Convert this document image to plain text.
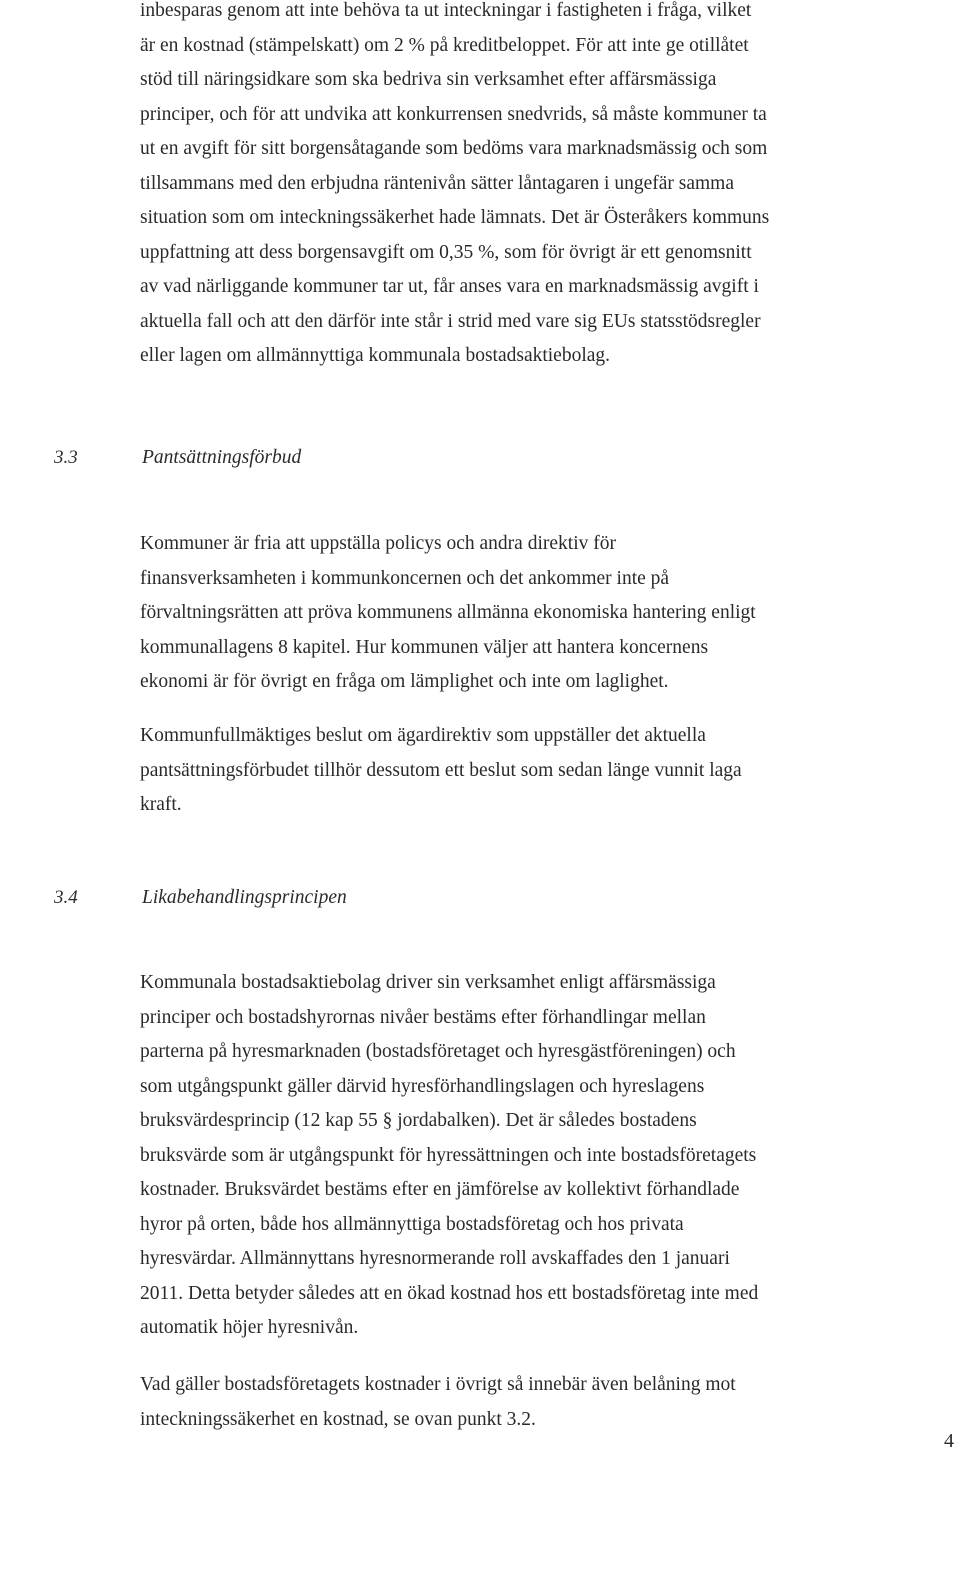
inbesparas genom att inte behöva ta ut inteckningar i fastigheten i fråga, vilket
är en kostnad (stämpelskatt) om 2 % på kreditbeloppet. För att inte ge otillåtet
stöd till näringsidkare som ska bedriva sin verksamhet efter affärsmässiga
principer, och för att undvika att konkurrensen snedvrids, så måste kommuner ta
ut en avgift för sitt borgensåtagande som bedöms vara marknadsmässig och som
tillsammans med den erbjudna räntenivån sätter låntagaren i ungefär samma
situation som om inteckningssäkerhet hade lämnats. Det är Österåkers kommuns
uppfattning att dess borgensavgift om 0,35 %, som för övrigt är ett genomsnitt
av vad närliggande kommuner tar ut, får anses vara en marknadsmässig avgift i
aktuella fall och att den därför inte står i strid med vare sig EUs statsstödsregler
eller lagen om allmännyttiga kommunala bostadsaktiebolag.
3.3	Pantsättningsförbud
Kommuner är fria att uppställa policys och andra direktiv för
finansverksamheten i kommunkoncernen och det ankommer inte på
förvaltningsrätten att pröva kommunens allmänna ekonomiska hantering enligt
kommunallagens 8 kapitel. Hur kommunen väljer att hantera koncernens
ekonomi är för övrigt en fråga om lämplighet och inte om laglighet.
Kommunfullmäktiges beslut om ägardirektiv som uppställer det aktuella
pantsättningsförbudet tillhör dessutom ett beslut som sedan länge vunnit laga
kraft.
3.4	Likabehandlingsprincipen
Kommunala bostadsaktiebolag driver sin verksamhet enligt affärsmässiga
principer och bostadshyrornas nivåer bestäms efter förhandlingar mellan
parterna på hyresmarknaden (bostadsföretaget och hyresgästföreningen) och
som utgångspunkt gäller därvid hyresförhandlingslagen och hyreslagens
bruksvärdesprincip (12 kap 55 § jordabalken). Det är således bostadens
bruksvärde som är utgångspunkt för hyressättningen och inte bostadsföretagets
kostnader. Bruksvärdet bestäms efter en jämförelse av kollektivt förhandlade
hyror på orten, både hos allmännyttiga bostadsföretag och hos privata
hyresvärdar. Allmännyttans hyresnormerande roll avskaffades den 1 januari
2011. Detta betyder således att en ökad kostnad hos ett bostadsföretag inte med
automatik höjer hyresnivån.
Vad gäller bostadsföretagets kostnader i övrigt så innebär även belåning mot
inteckningssäkerhet en kostnad, se ovan punkt 3.2.
4
